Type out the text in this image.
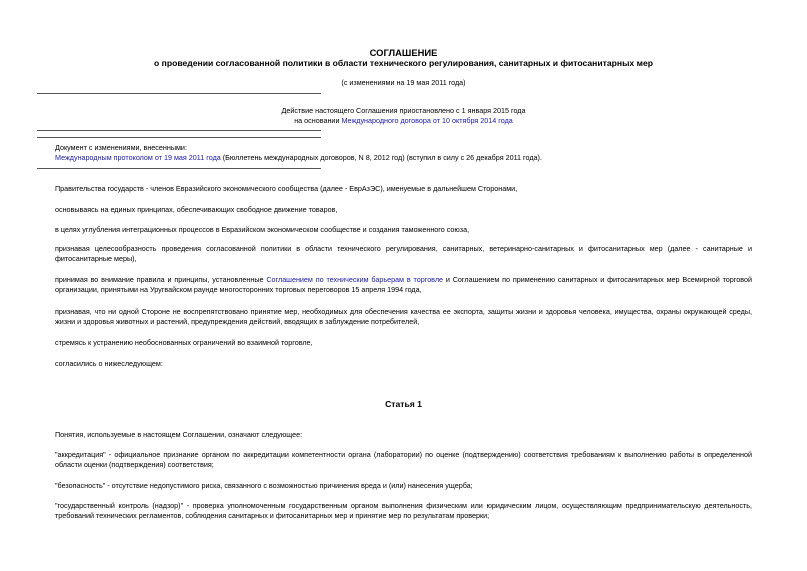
СОГЛАШЕНИЕ
о проведении согласованной политики в области технического регулирования, санитарных и фитосанитарных мер
(с изменениями на 19 мая 2011 года)
Действие настоящего Соглашения приостановлено с 1 января 2015 года
на основании Международного договора от 10 октября 2014 года
Документ с изменениями, внесенными:
Международным протоколом от 19 мая 2011 года (Бюллетень международных договоров, N 8, 2012 год) (вступил в силу с 26 декабря 2011 года).
Правительства государств - членов Евразийского экономического сообщества (далее - ЕврАзЭС), именуемые в дальнейшем Сторонами,
основываясь на единых принципах, обеспечивающих свободное движение товаров,
в целях углубления интеграционных процессов в Евразийском экономическом сообществе и создания таможенного союза,
признавая целесообразность проведения согласованной политики в области технического регулирования, санитарных, ветеринарно-санитарных и фитосанитарных мер (далее - санитарные и фитосанитарные меры),
принимая во внимание правила и принципы, установленные Соглашением по техническим барьерам в торговле и Соглашением по применению санитарных и фитосанитарных мер Всемирной торговой организации, принятыми на Уругвайском раунде многосторонних торговых переговоров 15 апреля 1994 года,
признавая, что ни одной Стороне не воспрепятствовано принятие мер, необходимых для обеспечения качества ее экспорта, защиты жизни и здоровья человека, имущества, охраны окружающей среды, жизни и здоровья животных и растений, предупреждения действий, вводящих в заблуждение потребителей,
стремясь к устранению необоснованных ограничений во взаимной торговле,
согласились о нижеследующем:
Статья 1
Понятия, используемые в настоящем Соглашении, означают следующее:
"аккредитация" - официальное признание органом по аккредитации компетентности органа (лаборатории) по оценке (подтверждению) соответствия требованиям к выполнению работы в определенной области оценки (подтверждения) соответствия;
"безопасность" - отсутствие недопустимого риска, связанного с возможностью причинения вреда и (или) нанесения ущерба;
"государственный контроль (надзор)" - проверка уполномоченным государственным органом выполнения физическим или юридическим лицом, осуществляющим предпринимательскую деятельность, требований технических регламентов, соблюдения санитарных и фитосанитарных мер и принятие мер по результатам проверки;
